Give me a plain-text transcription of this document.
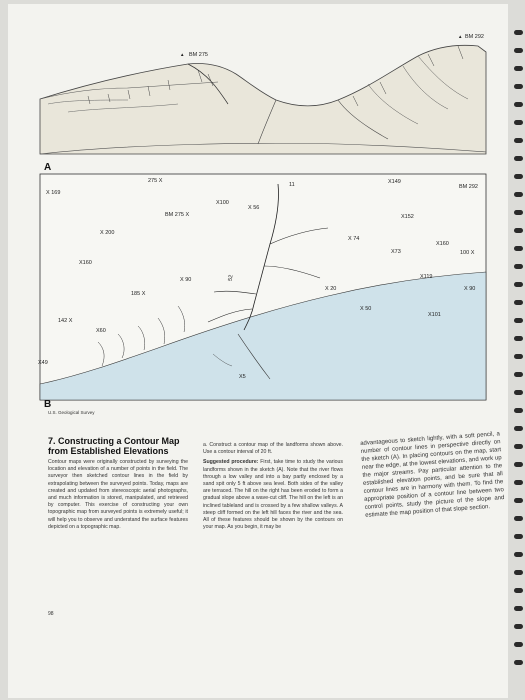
▲
▲
BM 275
BM 292
A
275 X
11	X149
BM 292
X 169
X100
X 56
BM 275 X	X152
X 200
X 74
X160
100 X
X73
X160
X119
X 90	52
185 X
X 20	X 90
X 50
X101
142 X
X60
X49
X5
B
U.S. Geological Survey
7. Constructing a Contour Map from Established Elevations

Contour maps were originally constructed by surveying the location and elevation of a number of points in the field. The surveyor then sketched contour lines in the field by extrapolating between the surveyed points. Today, maps are created and updated from stereoscopic aerial photographs, and much information is stored, manipulated, and retrieved by computer. This exercise of constructing your own topographic map from surveyed points is extremely useful; it will help you to observe and understand the surface features depicted on a topographic map.

a. Construct a contour map of the landforms shown above. Use a contour interval of 20 ft.

Suggested procedure: First, take time to study the various landforms shown in the sketch (A). Note that the river flows through a low valley and into a bay partly enclosed by a sand spit only 5 ft above sea level. Both sides of the valley are terraced. The hill on the right has been eroded to form a gradual slope above a wave-cut cliff. The hill on the left is an inclined tableland and is crossed by a few shallow valleys. A steep cliff formed on the left hill faces the river and the sea. All of these features should be shown by the contours on your map. As you begin, it may be

advantageous to sketch lightly, with a soft pencil, a number of contour lines in perspective directly on the sketch (A). In placing contours on the map, start near the edge, at the lowest elevations, and work up the major streams. Pay particular attention to the established elevation points, and be sure that all contour lines are in harmony with them. To find the appropriate position of a contour line between two control points, study the picture of the slope and estimate the map position of that slope section.

98
